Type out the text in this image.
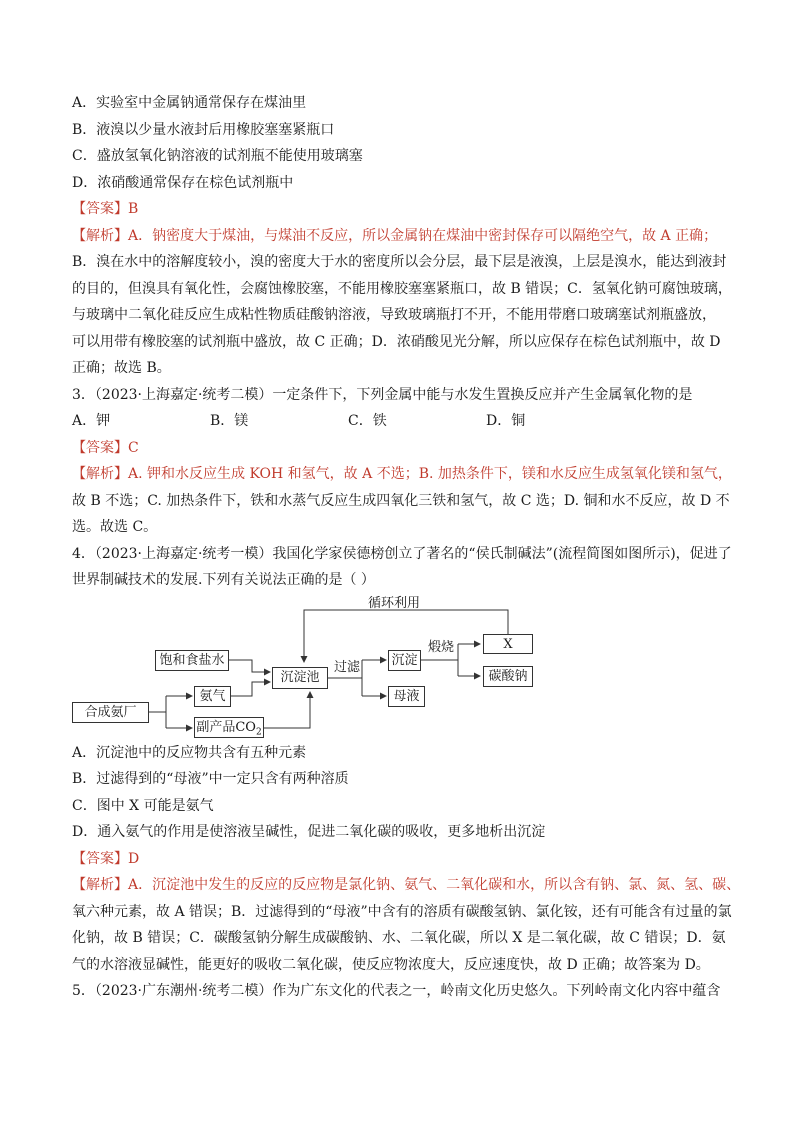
A．实验室中金属钠通常保存在煤油里
B．液溴以少量水液封后用橡胶塞塞紧瓶口
C．盛放氢氧化钠溶液的试剂瓶不能使用玻璃塞
D．浓硝酸通常保存在棕色试剂瓶中
【答案】B
【解析】A．钠密度大于煤油，与煤油不反应，所以金属钠在煤油中密封保存可以隔绝空气，故 A 正确；
B．溴在水中的溶解度较小，溴的密度大于水的密度所以会分层，最下层是液溴，上层是溴水，能达到液封
的目的，但溴具有氧化性，会腐蚀橡胶塞，不能用橡胶塞塞紧瓶口，故 B 错误；C．氢氧化钠可腐蚀玻璃，
与玻璃中二氧化硅反应生成粘性物质硅酸钠溶液，导致玻璃瓶打不开，不能用带磨口玻璃塞试剂瓶盛放，
可以用带有橡胶塞的试剂瓶中盛放，故 C 正确；D．浓硝酸见光分解，所以应保存在棕色试剂瓶中，故 D
正确；故选 B。
3．（2023·上海嘉定·统考二模）一定条件下，下列金属中能与水发生置换反应并产生金属氧化物的是
A．钾	B．镁	C．铁	D．铜
【答案】C
【解析】A. 钾和水反应生成 KOH 和氢气，故 A 不选；B. 加热条件下，镁和水反应生成氢氧化镁和氢气，
故 B 不选；C. 加热条件下，铁和水蒸气反应生成四氧化三铁和氢气，故 C 选；D. 铜和水不反应，故 D 不
选。故选 C。
4．（2023·上海嘉定·统考一模）我国化学家侯德榜创立了著名的“侯氏制碱法”(流程简图如图所示)，促进了
世界制碱技术的发展.下列有关说法正确的是（ ）
循环利用
饱和食盐水
合成氨厂
氨气
副产品$CO_2$
沉淀池
过滤 沉淀
母液
煅烧	X
碳酸钠
A．沉淀池中的反应物共含有五种元素
B．过滤得到的“母液”中一定只含有两种溶质
C．图中 X 可能是氨气
D．通入氨气的作用是使溶液呈碱性，促进二氧化碳的吸收，更多地析出沉淀
【答案】D
【解析】A．沉淀池中发生的反应的反应物是氯化钠、氨气、二氧化碳和水，所以含有钠、氯、氮、氢、碳、
氧六种元素，故 A 错误；B．过滤得到的“母液”中含有的溶质有碳酸氢钠、氯化铵，还有可能含有过量的氯
化钠，故 B 错误；C．碳酸氢钠分解生成碳酸钠、水、二氧化碳，所以 X 是二氧化碳，故 C 错误；D．氨
气的水溶液显碱性，能更好的吸收二氧化碳，使反应物浓度大，反应速度快，故 D 正确；故答案为 D。
5．（2023·广东潮州·统考二模）作为广东文化的代表之一，岭南文化历史悠久。下列岭南文化内容中蕴含
